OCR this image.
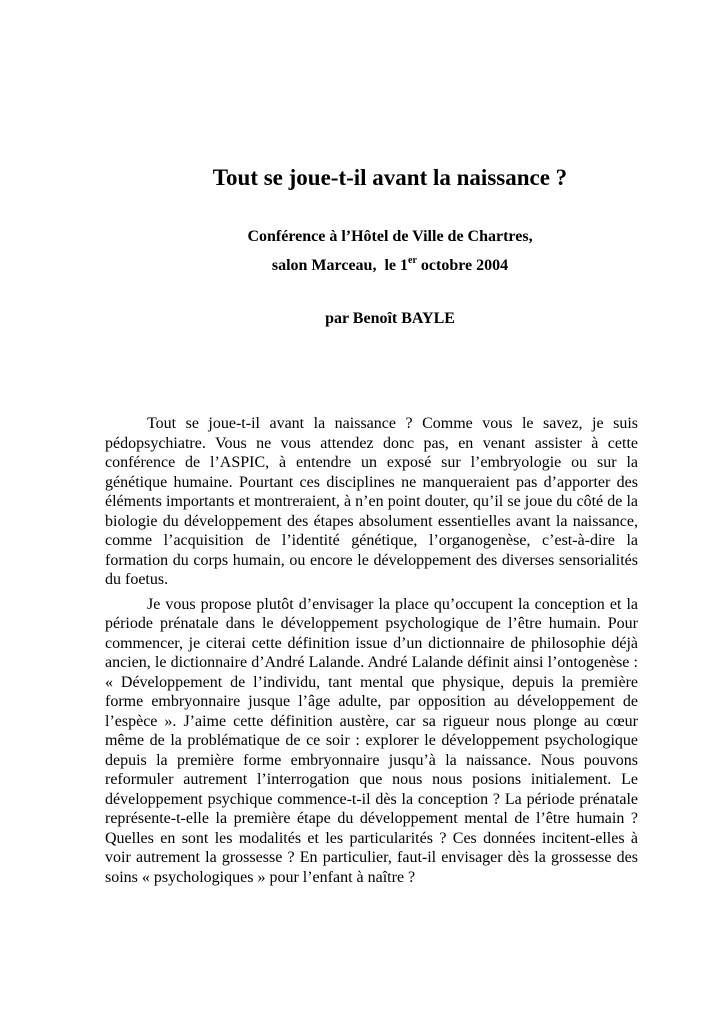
Tout se joue-t-il avant la naissance ?
Conférence à l’Hôtel de Ville de Chartres,
salon Marceau,  le 1er octobre 2004
par Benoît BAYLE

Tout se joue-t-il avant la naissance ? Comme vous le savez, je suis pédopsychiatre. Vous ne vous attendez donc pas, en venant assister à cette conférence de l’ASPIC, à entendre un exposé sur l’embryologie ou sur la génétique humaine. Pourtant ces disciplines ne manqueraient pas d’apporter des éléments importants et montreraient, à n’en point douter, qu’il se joue du côté de la biologie du développement des étapes absolument essentielles avant la naissance, comme l’acquisition de l’identité génétique, l’organogenèse, c’est-à-dire la formation du corps humain, ou encore le développement des diverses sensorialités du foetus.

Je vous propose plutôt d’envisager la place qu’occupent la conception et la période prénatale dans le développement psychologique de l’être humain. Pour commencer, je citerai cette définition issue d’un dictionnaire de philosophie déjà ancien, le dictionnaire d’André Lalande. André Lalande définit ainsi l’ontogenèse : « Développement de l’individu, tant mental que physique, depuis la première forme embryonnaire jusque l’âge adulte, par opposition au développement de l’espèce ». J’aime cette définition austère, car sa rigueur nous plonge au cœur même de la problématique de ce soir : explorer le développement psychologique depuis la première forme embryonnaire jusqu’à la naissance. Nous pouvons reformuler autrement l’interrogation que nous nous posions initialement. Le développement psychique commence-t-il dès la conception ? La période prénatale représente-t-elle la première étape du développement mental de l’être humain ? Quelles en sont les modalités et les particularités ? Ces données incitent-elles à voir autrement la grossesse ? En particulier, faut-il envisager dès la grossesse des soins « psychologiques » pour l’enfant à naître ?
